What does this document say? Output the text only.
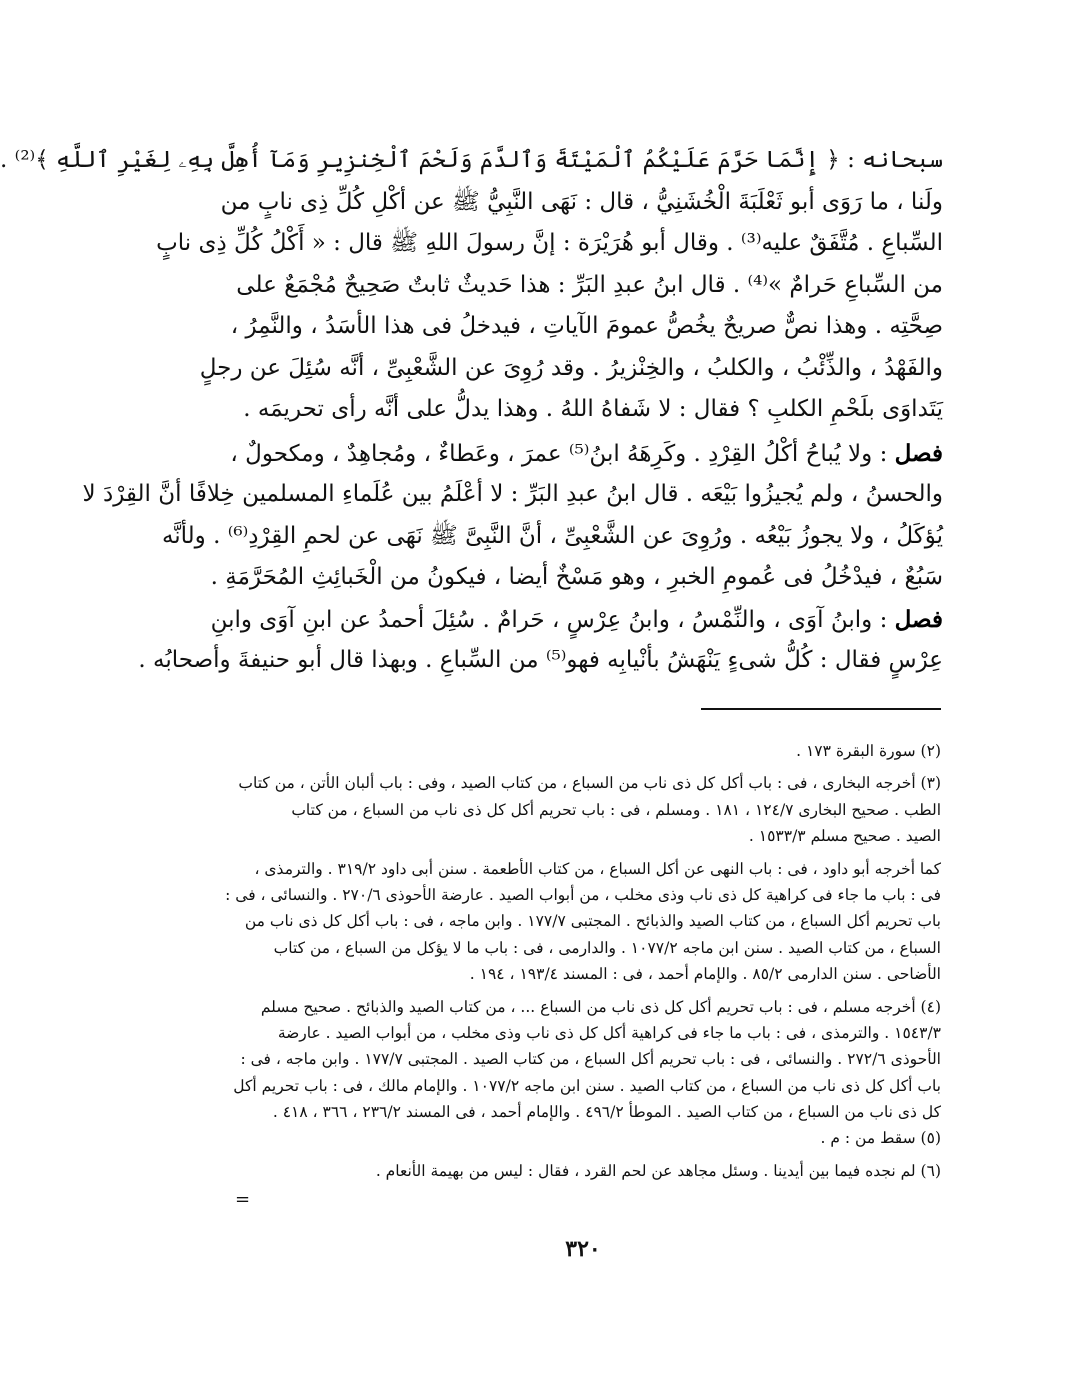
سبحانه : ﴿ إِنَّمَا حَرَّمَ عَلَيْكُمُ ٱلْمَيْتَةَ وَٱلدَّمَ وَلَحْمَ ٱلْخِنزِيرِ وَمَآ أُهِلَّ بِهِۦ لِغَيْرِ ٱللَّهِ ﴾⁽²⁾ .
ولَنا ، ما رَوَى أبو ثَعْلَبَةَ الْخُشَنِيُّ ، قال : نَهَى النَّبِيُّ ﷺ عن أكْلِ كُلِّ ذِى نابٍ من
السِّباعِ . مُتَّفَقٌ عليه⁽³⁾ . وقال أبو هُرَيْرَة : إنَّ رسولَ اللهِ ﷺ قال : « أَكْلُ كُلِّ ذِى نابٍ
من السِّباعِ حَرامٌ »⁽⁴⁾ . قال ابنُ عبدِ البَرِّ : هذا حَديثٌ ثابتٌ صَحِيحٌ مُجْمَعٌ على
صِحَّتِه . وهذا نصٌّ صريحٌ يخُصُّ عمومَ الآياتِ ، فيدخلُ فى هذا الأسَدُ ، والنَّمِرُ ،
والفَهْدُ ، والذِّئْبُ ، والكلبُ ، والخِنْزيرُ . وقد رُوِىَ عن الشَّعْبِىِّ ، أنَّه سُئِلَ عن رجلٍ
يَتَداوَى بلَحْمِ الكلبِ ؟ فقال : لا شَفاهُ اللهُ . وهذا يدلُّ على أنَّه رأى تحريمَه .
فصل : ولا يُباحُ أكْلُ القِرْدِ . وكَرِهَهُ ابنُ⁽⁵⁾ عمرَ ، وعَطاءٌ ، ومُجاهِدٌ ، ومكحولٌ ،
والحسنُ ، ولم يُجيزُوا بَيْعَه . قال ابنُ عبدِ البَرِّ : لا أعْلَمُ بين عُلَماءِ المسلمين خِلافًا أنَّ القِرْدَ لا
يُؤكَلُ ، ولا يجوزُ بَيْعُه . ورُوِىَ عن الشَّعْبِىِّ ، أنَّ النَّبِىَّ ﷺ نَهَى عن لحمِ القِرْدِ⁽⁶⁾ . ولأنَّه
سَبُعٌ ، فيدْخُلُ فى عُمومِ الخبرِ ، وهو مَسْخٌ أيضا ، فيكونُ من الْخَبائِثِ المُحَرَّمَةِ .
فصل : وابنُ آوَى ، والنِّمْسُ ، وابنُ عِرْسٍ ، حَرامٌ . سُئِلَ أحمدُ عن ابنِ آوَى وابنِ
عِرْسٍ فقال : كُلُّ شىءٍ يَنْهَشُ بأنْيابِه فهو⁽⁵⁾ من السِّباعِ . وبهذا قال أبو حنيفةَ وأصحابُه .
(٢) سورة البقرة ١٧٣ .
(٣) أخرجه البخارى ، فى : باب أكل كل ذى ناب من السباع ، من كتاب الصيد ، وفى : باب ألبان الأتن ، من كتاب
الطب . صحيح البخارى ١٢٤/٧ ، ١٨١ . ومسلم ، فى : باب تحريم أكل كل ذى ناب من السباع ، من كتاب
الصيد . صحيح مسلم ١٥٣٣/٣ .
كما أخرجه أبو داود ، فى : باب النهى عن أكل السباع ، من كتاب الأطعمة . سنن أبى داود ٣١٩/٢ . والترمذى ،
فى : باب ما جاء فى كراهية كل ذى ناب وذى مخلب ، من أبواب الصيد . عارضة الأحوذى ٢٧٠/٦ . والنسائى ، فى :
باب تحريم أكل السباع ، من كتاب الصيد والذبائح . المجتبى ١٧٧/٧ . وابن ماجه ، فى : باب أكل كل ذى ناب من
السباع ، من كتاب الصيد . سنن ابن ماجه ١٠٧٧/٢ . والدارمى ، فى : باب ما لا يؤكل من السباع ، من كتاب
الأضاحى . سنن الدارمى ٨٥/٢ . والإمام أحمد ، فى : المسند ١٩٣/٤ ، ١٩٤ .
(٤) أخرجه مسلم ، فى : باب تحريم أكل كل ذى ناب من السباع ... ، من كتاب الصيد والذبائح . صحيح مسلم
١٥٤٣/٣ . والترمذى ، فى : باب ما جاء فى كراهية أكل كل ذى ناب وذى مخلب ، من أبواب الصيد . عارضة
الأحوذى ٢٧٢/٦ . والنسائى ، فى : باب تحريم أكل السباع ، من كتاب الصيد . المجتبى ١٧٧/٧ . وابن ماجه ، فى :
باب أكل كل ذى ناب من السباع ، من كتاب الصيد . سنن ابن ماجه ١٠٧٧/٢ . والإمام مالك ، فى : باب تحريم أكل
كل ذى ناب من السباع ، من كتاب الصيد . الموطأ ٤٩٦/٢ . والإمام أحمد ، فى المسند ٢٣٦/٢ ، ٣٦٦ ، ٤١٨ .
(٥) سقط من : م .
(٦) لم نجده فيما بين أيدينا . وسئل مجاهد عن لحم القرد ، فقال : ليس من بهيمة الأنعام .
=
٣٢٠
